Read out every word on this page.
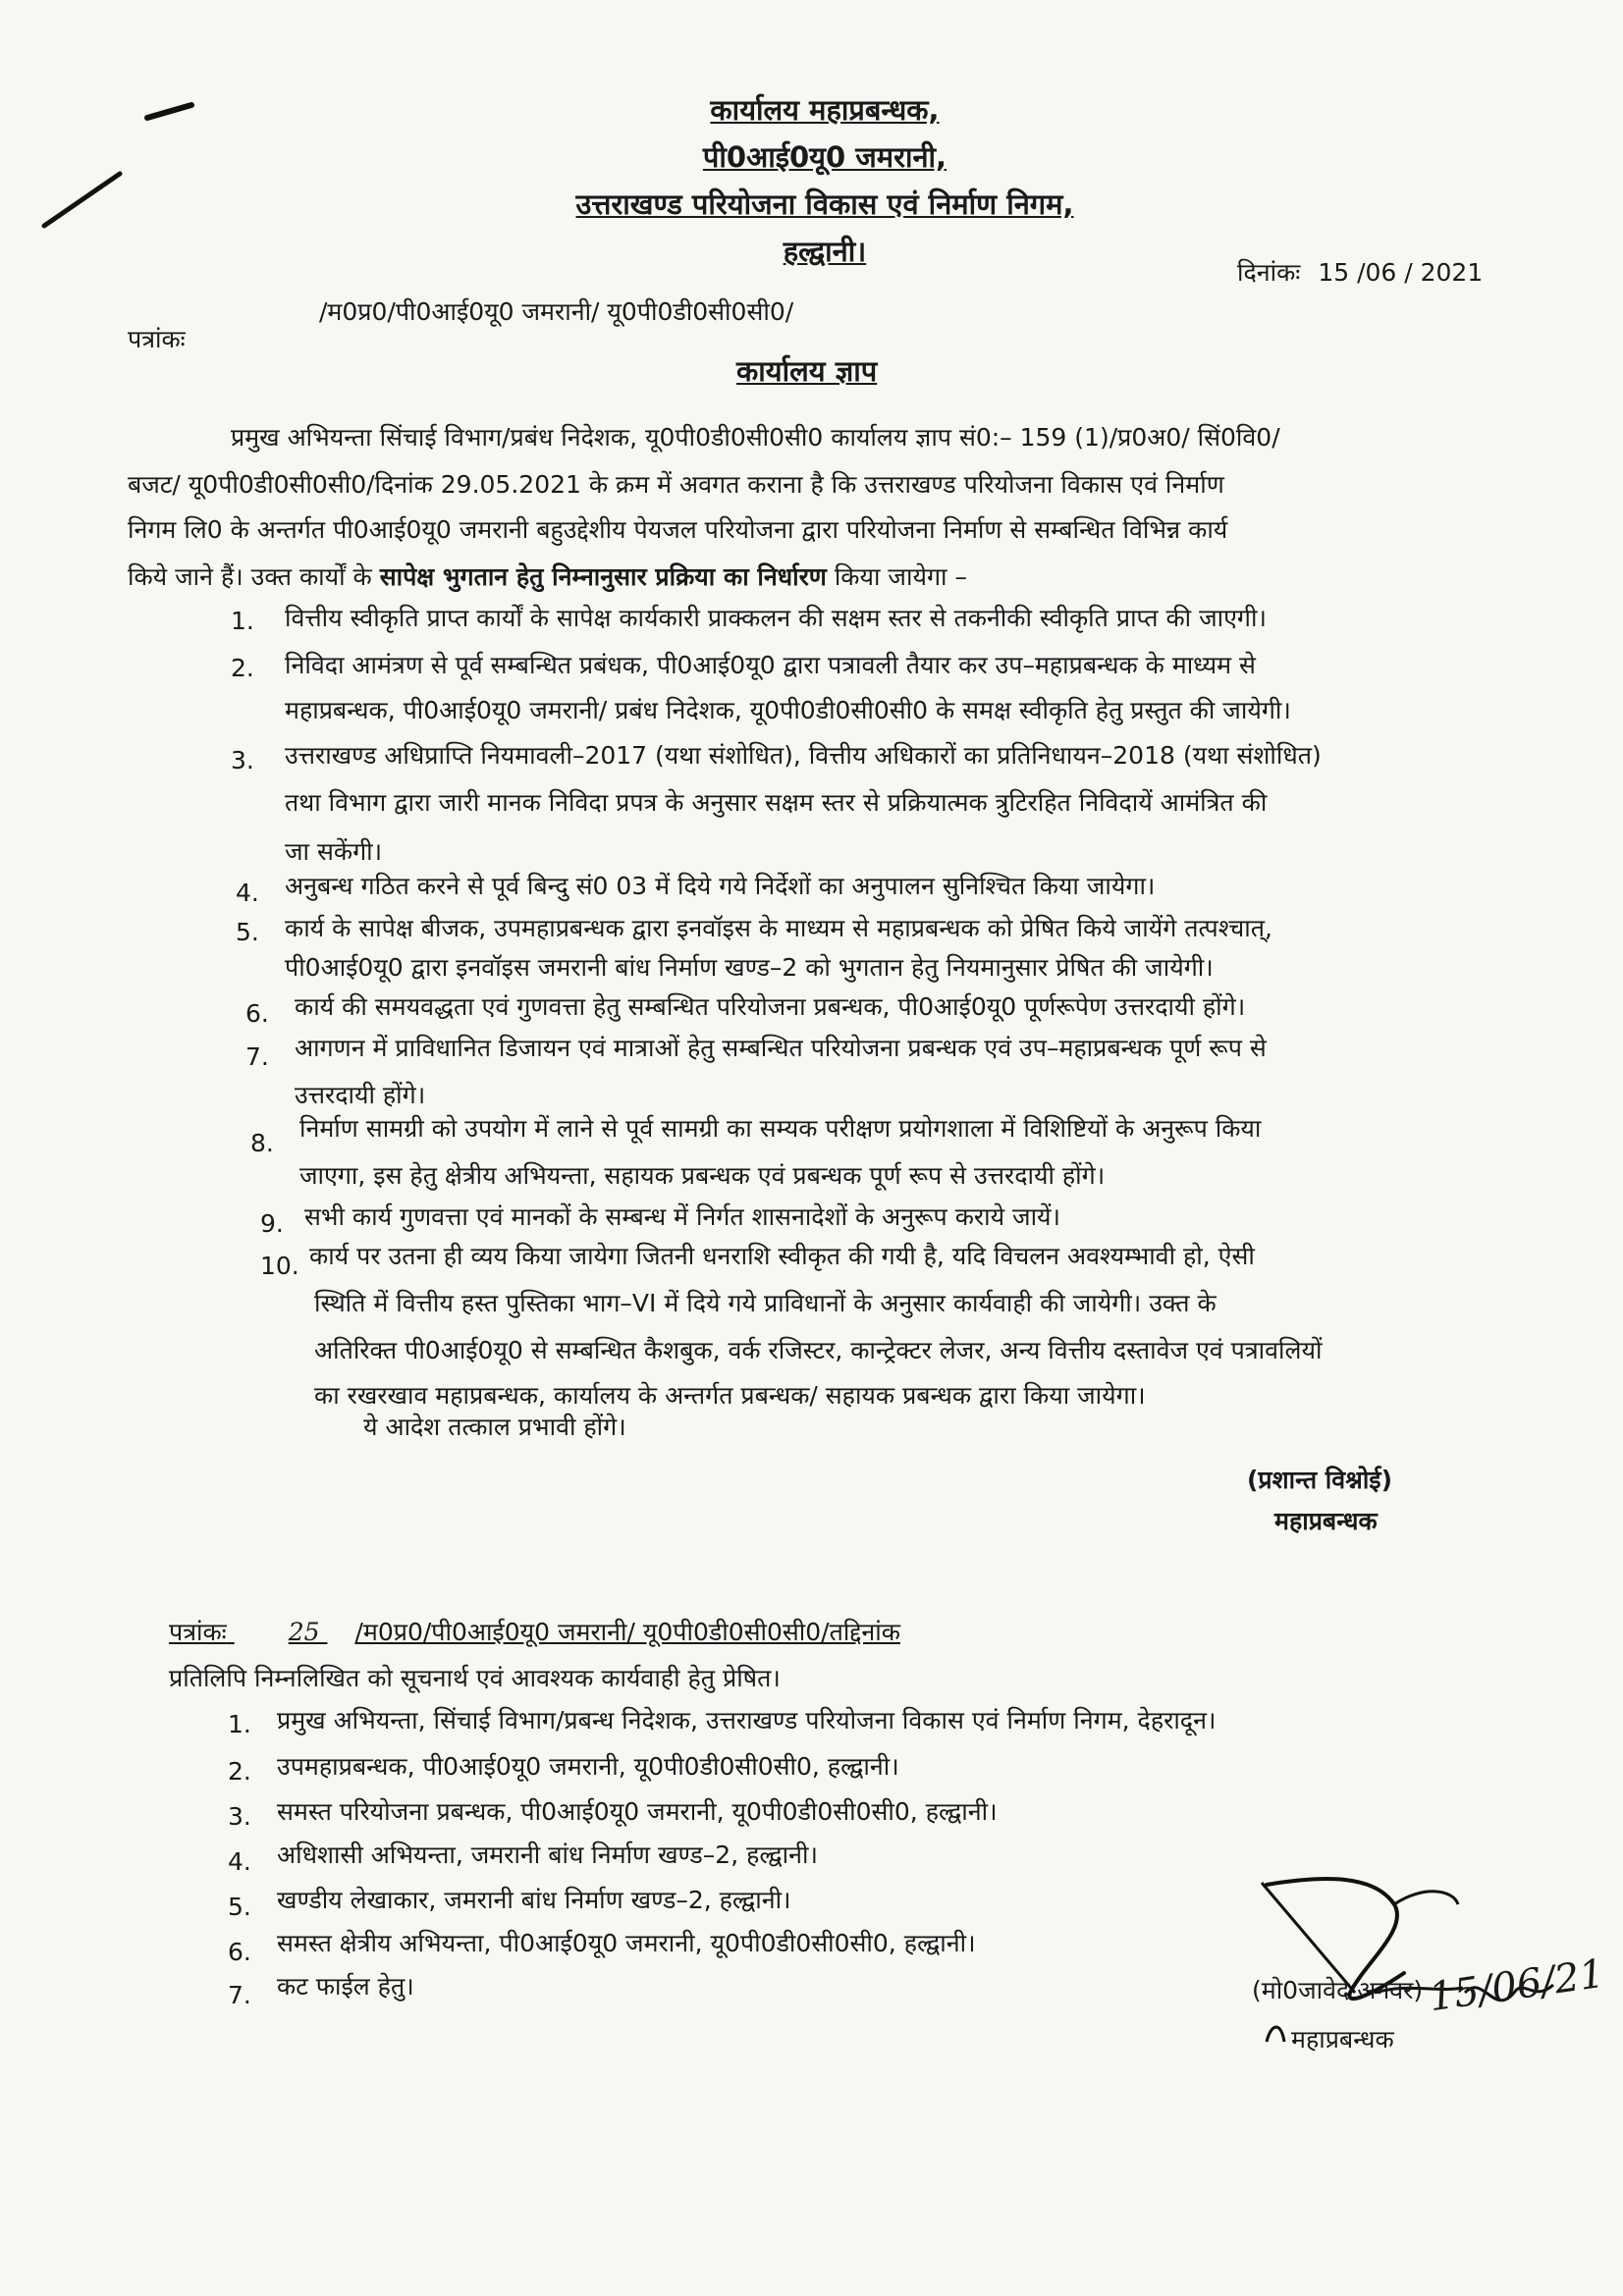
कार्यालय महाप्रबन्धक,
पी0आई0यू0 जमरानी,
उत्तराखण्ड परियोजना विकास एवं निर्माण निगम,
हल्द्वानी।
दिनांकः 15 /06 / 2021
पत्रांकः
/म0प्र0/पी0आई0यू0 जमरानी/ यू0पी0डी0सी0सी0/
कार्यालय ज्ञाप
प्रमुख अभियन्ता सिंचाई विभाग/प्रबंध निदेशक, यू0पी0डी0सी0सी0 कार्यालय ज्ञाप सं0:– 159 (1)/प्र0अ0/ सिं0वि0/
बजट/ यू0पी0डी0सी0सी0/दिनांक 29.05.2021 के क्रम में अवगत कराना है कि उत्तराखण्ड परियोजना विकास एवं निर्माण
निगम लि0 के अन्तर्गत पी0आई0यू0 जमरानी बहुउद्देशीय पेयजल परियोजना द्वारा परियोजना निर्माण से सम्बन्धित विभिन्न कार्य
किये जाने हैं। उक्त कार्यों के सापेक्ष भुगतान हेतु निम्नानुसार प्रक्रिया का निर्धारण किया जायेगा –
1. वित्तीय स्वीकृति प्राप्त कार्यों के सापेक्ष कार्यकारी प्राक्कलन की सक्षम स्तर से तकनीकी स्वीकृति प्राप्त की जाएगी।
2. निविदा आमंत्रण से पूर्व सम्बन्धित प्रबंधक, पी0आई0यू0 द्वारा पत्रावली तैयार कर उप–महाप्रबन्धक के माध्यम से
महाप्रबन्धक, पी0आई0यू0 जमरानी/ प्रबंध निदेशक, यू0पी0डी0सी0सी0 के समक्ष स्वीकृति हेतु प्रस्तुत की जायेगी।
3. उत्तराखण्ड अधिप्राप्ति नियमावली–2017 (यथा संशोधित), वित्तीय अधिकारों का प्रतिनिधायन–2018 (यथा संशोधित)
तथा विभाग द्वारा जारी मानक निविदा प्रपत्र के अनुसार सक्षम स्तर से प्रक्रियात्मक त्रुटिरहित निविदायें आमंत्रित की
जा सकेंगी।
4. अनुबन्ध गठित करने से पूर्व बिन्दु सं0 03 में दिये गये निर्देशों का अनुपालन सुनिश्चित किया जायेगा।
5. कार्य के सापेक्ष बीजक, उपमहाप्रबन्धक द्वारा इनवॉइस के माध्यम से महाप्रबन्धक को प्रेषित किये जायेंगे तत्पश्चात्,
पी0आई0यू0 द्वारा इनवॉइस जमरानी बांध निर्माण खण्ड–2 को भुगतान हेतु नियमानुसार प्रेषित की जायेगी।
6. कार्य की समयवद्धता एवं गुणवत्ता हेतु सम्बन्धित परियोजना प्रबन्धक, पी0आई0यू0 पूर्णरूपेण उत्तरदायी होंगे।
7. आगणन में प्राविधानित डिजायन एवं मात्राओं हेतु सम्बन्धित परियोजना प्रबन्धक एवं उप–महाप्रबन्धक पूर्ण रूप से
उत्तरदायी होंगे।
8.
निर्माण सामग्री को उपयोग में लाने से पूर्व सामग्री का सम्यक परीक्षण प्रयोगशाला में विशिष्टियों के अनुरूप किया
जाएगा, इस हेतु क्षेत्रीय अभियन्ता, सहायक प्रबन्धक एवं प्रबन्धक पूर्ण रूप से उत्तरदायी होंगे।
9. सभी कार्य गुणवत्ता एवं मानकों के सम्बन्ध में निर्गत शासनादेशों के अनुरूप कराये जायें।
10. कार्य पर उतना ही व्यय किया जायेगा जितनी धनराशि स्वीकृत की गयी है, यदि विचलन अवश्यम्भावी हो, ऐसी
स्थिति में वित्तीय हस्त पुस्तिका भाग–VI में दिये गये प्राविधानों के अनुसार कार्यवाही की जायेगी। उक्त के
अतिरिक्त पी0आई0यू0 से सम्बन्धित कैशबुक, वर्क रजिस्टर, कान्ट्रेक्टर लेजर, अन्य वित्तीय दस्तावेज एवं पत्रावलियों
का रखरखाव महाप्रबन्धक, कार्यालय के अन्तर्गत प्रबन्धक/ सहायक प्रबन्धक द्वारा किया जायेगा।
ये आदेश तत्काल प्रभावी होंगे।
(प्रशान्त विश्नोई)
महाप्रबन्धक
पत्रांकः	25 /म0प्र0/पी0आई0यू0 जमरानी/ यू0पी0डी0सी0सी0/तद्दिनांक
प्रतिलिपि निम्नलिखित को सूचनार्थ एवं आवश्यक कार्यवाही हेतु प्रेषित।
1. प्रमुख अभियन्ता, सिंचाई विभाग/प्रबन्ध निदेशक, उत्तराखण्ड परियोजना विकास एवं निर्माण निगम, देहरादून।
2. उपमहाप्रबन्धक, पी0आई0यू0 जमरानी, यू0पी0डी0सी0सी0, हल्द्वानी।
3. समस्त परियोजना प्रबन्धक, पी0आई0यू0 जमरानी, यू0पी0डी0सी0सी0, हल्द्वानी।
4. अधिशासी अभियन्ता, जमरानी बांध निर्माण खण्ड–2, हल्द्वानी।
5. खण्डीय लेखाकार, जमरानी बांध निर्माण खण्ड–2, हल्द्वानी।
6. समस्त क्षेत्रीय अभियन्ता, पी0आई0यू0 जमरानी, यू0पी0डी0सी0सी0, हल्द्वानी।
7. कट फाईल हेतु।	(मो0जावेद अनवर)
महाप्रबन्धक
15/06/21
